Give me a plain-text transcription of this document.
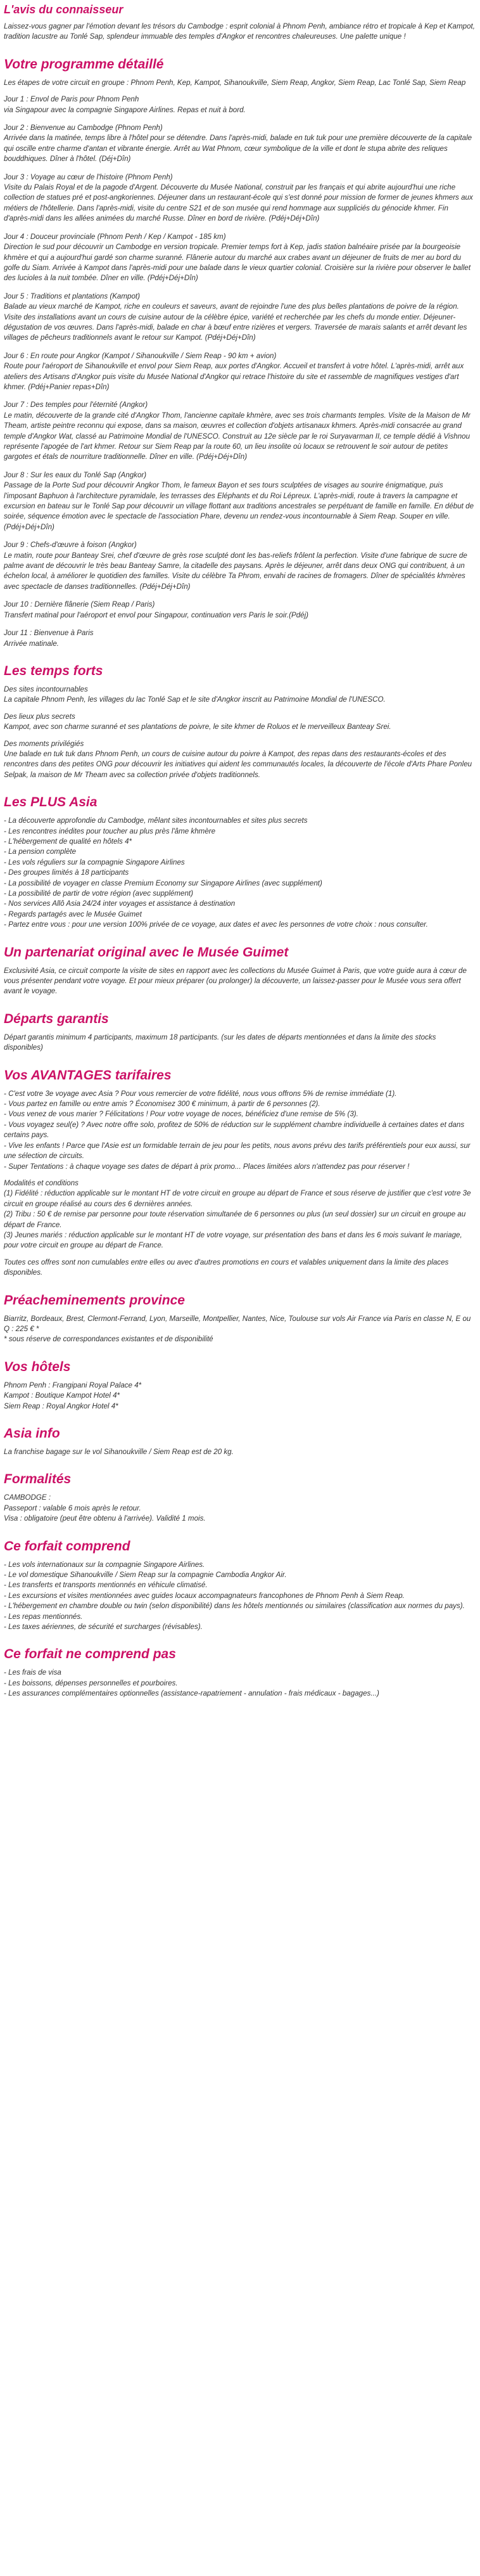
L'avis du connaisseur

Laissez-vous gagner par l'émotion devant les trésors du Cambodge : esprit colonial à Phnom Penh, ambiance rétro et tropicale à Kep et Kampot, tradition lacustre au Tonlé Sap, splendeur immuable des temples d'Angkor et rencontres chaleureuses. Une palette unique !

Votre programme détaillé

Les étapes de votre circuit en groupe : Phnom Penh, Kep, Kampot, Sihanoukville, Siem Reap, Angkor, Siem Reap, Lac Tonlé Sap, Siem Reap

Jour 1 : Envol de Paris pour Phnom Penh
via Singapour avec la compagnie Singapore Airlines. Repas et nuit à bord.
Jour 2 : Bienvenue au Cambodge (Phnom Penh)
Arrivée dans la matinée, temps libre à l'hôtel pour se détendre. Dans l'après-midi, balade en tuk tuk pour une première découverte de la capitale qui oscille entre charme d'antan et vibrante énergie. Arrêt au Wat Phnom, cœur symbolique de la ville et dont le stupa abrite des reliques bouddhiques. Dîner à l'hôtel. (Déj+Dîn)
Jour 3 : Voyage au cœur de l'histoire (Phnom Penh)
Visite du Palais Royal et de la pagode d'Argent. Découverte du Musée National, construit par les français et qui abrite aujourd'hui une riche collection de statues pré et post-angkoriennes. Déjeuner dans un restaurant-école qui s'est donné pour mission de former de jeunes khmers aux métiers de l'hôtellerie. Dans l'après-midi, visite du centre S21 et de son musée qui rend hommage aux suppliciés du génocide khmer. Fin d'après-midi dans les allées animées du marché Russe. Dîner en bord de rivière. (Pdéj+Déj+Dîn)
Jour 4 : Douceur provinciale (Phnom Penh / Kep / Kampot - 185 km)
Direction le sud pour découvrir un Cambodge en version tropicale. Premier temps fort à Kep, jadis station balnéaire prisée par la bourgeoisie khmère et qui a aujourd'hui gardé son charme suranné. Flânerie autour du marché aux crabes avant un déjeuner de fruits de mer au bord du golfe du Siam. Arrivée à Kampot dans l'après-midi pour une balade dans le vieux quartier colonial. Croisière sur la rivière pour observer le ballet des lucioles à la nuit tombée. Dîner en ville. (Pdéj+Déj+Dîn)
Jour 5 : Traditions et plantations (Kampot)
Balade au vieux marché de Kampot, riche en couleurs et saveurs, avant de rejoindre l'une des plus belles plantations de poivre de la région. Visite des installations avant un cours de cuisine autour de la célèbre épice, variété et recherchée par les chefs du monde entier. Déjeuner-dégustation de vos œuvres. Dans l'après-midi, balade en char à bœuf entre rizières et vergers. Traversée de marais salants et arrêt devant les villages de pêcheurs traditionnels avant le retour sur Kampot. (Pdéj+Déj+Dîn)
Jour 6 : En route pour Angkor (Kampot / Sihanoukville / Siem Reap - 90 km + avion)
Route pour l'aéroport de Sihanoukville et envol pour Siem Reap, aux portes d'Angkor. Accueil et transfert à votre hôtel. L'après-midi, arrêt aux ateliers des Artisans d'Angkor puis visite du Musée National d'Angkor qui retrace l'histoire du site et rassemble de magnifiques vestiges d'art khmer. (Pdéj+Panier repas+Dîn)
Jour 7 : Des temples pour l'éternité (Angkor)
Le matin, découverte de la grande cité d'Angkor Thom, l'ancienne capitale khmère, avec ses trois charmants temples. Visite de la Maison de Mr Theam, artiste peintre reconnu qui expose, dans sa maison, œuvres et collection d'objets artisanaux khmers. Après-midi consacrée au grand temple d'Angkor Wat, classé au Patrimoine Mondial de l'UNESCO. Construit au 12e siècle par le roi Suryavarman II, ce temple dédié à Vishnou représente l'apogée de l'art khmer. Retour sur Siem Reap par la route 60, un lieu insolite où locaux se retrouvent le soir autour de petites gargotes et étals de nourriture traditionnelle. Dîner en ville. (Pdéj+Déj+Dîn)
Jour 8 : Sur les eaux du Tonlé Sap (Angkor)
Passage de la Porte Sud pour découvrir Angkor Thom, le fameux Bayon et ses tours sculptées de visages au sourire énigmatique, puis l'imposant Baphuon à l'architecture pyramidale, les terrasses des Eléphants et du Roi Lépreux. L'après-midi, route à travers la campagne et excursion en bateau sur le Tonlé Sap pour découvrir un village flottant aux traditions ancestrales se perpétuant de famille en famille. En début de soirée, séquence émotion avec le spectacle de l'association Phare, devenu un rendez-vous incontournable à Siem Reap. Souper en ville. (Pdéj+Déj+Dîn)
Jour 9 : Chefs-d'œuvre à foison (Angkor)
Le matin, route pour Banteay Srei, chef d'œuvre de grès rose sculpté dont les bas-reliefs frôlent la perfection. Visite d'une fabrique de sucre de palme avant de découvrir le très beau Banteay Samre, la citadelle des paysans. Après le déjeuner, arrêt dans deux ONG qui contribuent, à un échelon local, à améliorer le quotidien des familles. Visite du célèbre Ta Phrom, envahi de racines de fromagers. Dîner de spécialités khmères avec spectacle de danses traditionnelles. (Pdéj+Déj+Dîn)
Jour 10 : Dernière flânerie (Siem Reap / Paris)
Transfert matinal pour l'aéroport et envol pour Singapour, continuation vers Paris le soir.(Pdéj)
Jour 11 : Bienvenue à Paris
Arrivée matinale.
Les temps forts
Des sites incontournables
La capitale Phnom Penh, les villages du lac Tonlé Sap et le site d'Angkor inscrit au Patrimoine Mondial de l'UNESCO.
Des lieux plus secrets
Kampot, avec son charme suranné et ses plantations de poivre, le site khmer de Roluos et le merveilleux Banteay Srei.
Des moments privilégiés
Une balade en tuk tuk dans Phnom Penh, un cours de cuisine autour du poivre à Kampot, des repas dans des restaurants-écoles et des rencontres dans des petites ONG pour découvrir les initiatives qui aident les communautés locales, la découverte de l'école d'Arts Phare Ponleu Selpak, la maison de Mr Theam avec sa collection privée d'objets traditionnels.
Les PLUS Asia
- La découverte approfondie du Cambodge, mêlant sites incontournables et sites plus secrets
- Les rencontres inédites pour toucher au plus près l'âme khmère
- L'hébergement de qualité en hôtels 4*
- La pension complète
- Les vols réguliers sur la compagnie Singapore Airlines
- Des groupes limités à 18 participants
- La possibilité de voyager en classe Premium Economy sur Singapore Airlines (avec supplément)
- La possibilité de partir de votre région (avec supplément)
- Nos services Allô Asia 24/24 inter voyages et assistance à destination
- Regards partagés avec le Musée Guimet
- Partez entre vous : pour une version 100% privée de ce voyage, aux dates et avec les personnes de votre choix : nous consulter.
Un partenariat original avec le Musée Guimet

Exclusivité Asia, ce circuit comporte la visite de sites en rapport avec les collections du Musée Guimet à Paris, que votre guide aura à cœur de vous présenter pendant votre voyage. Et pour mieux préparer (ou prolonger) la découverte, un laissez-passer pour le Musée vous sera offert avant le voyage.

Départs garantis

Départ garantis minimum 4 participants, maximum 18 participants. (sur les dates de départs mentionnées et dans la limite des stocks disponibles)

Vos AVANTAGES tarifaires
- C'est votre 3e voyage avec Asia ? Pour vous remercier de votre fidélité, nous vous offrons 5% de remise immédiate (1).
- Vous partez en famille ou entre amis ? Économisez 300 € minimum, à partir de 6 personnes (2).
- Vous venez de vous marier ? Félicitations ! Pour votre voyage de noces, bénéficiez d'une remise de 5% (3).
- Vous voyagez seul(e) ? Avec notre offre solo, profitez de 50% de réduction sur le supplément chambre individuelle à certaines dates et dans certains pays.
- Vive les enfants ! Parce que l'Asie est un formidable terrain de jeu pour les petits, nous avons prévu des tarifs préférentiels pour eux aussi, sur une sélection de circuits.
- Super Tentations : à chaque voyage ses dates de départ à prix promo... Places limitées alors n'attendez pas pour réserver !
Modalités et conditions
(1) Fidélité : réduction applicable sur le montant HT de votre circuit en groupe au départ de France et sous réserve de justifier que c'est votre 3e circuit en groupe réalisé au cours des 6 dernières années.
(2) Tribu : 50 € de remise par personne pour toute réservation simultanée de 6 personnes ou plus (un seul dossier) sur un circuit en groupe au départ de France.
(3) Jeunes mariés : réduction applicable sur le montant HT de votre voyage, sur présentation des bans et dans les 6 mois suivant le mariage, pour votre circuit en groupe au départ de France.

Toutes ces offres sont non cumulables entre elles ou avec d'autres promotions en cours et valables uniquement dans la limite des places disponibles.

Préacheminements province

Biarritz, Bordeaux, Brest, Clermont-Ferrand, Lyon, Marseille, Montpellier, Nantes, Nice, Toulouse sur vols Air France via Paris en classe N, E ou Q : 225 € *

* sous réserve de correspondances existantes et de disponibilité

Vos hôtels
Phnom Penh : Frangipani Royal Palace 4*
Kampot : Boutique Kampot Hotel 4*
Siem Reap : Royal Angkor Hotel 4*
Asia info

La franchise bagage sur le vol Sihanoukville / Siem Reap est de 20 kg.

Formalités
CAMBODGE :
Passeport : valable 6 mois après le retour.
Visa : obligatoire (peut être obtenu à l'arrivée). Validité 1 mois.
Ce forfait comprend
- Les vols internationaux sur la compagnie Singapore Airlines.
- Le vol domestique Sihanoukville / Siem Reap sur la compagnie Cambodia Angkor Air.
- Les transferts et transports mentionnés en véhicule climatisé.
- Les excursions et visites mentionnées avec guides locaux accompagnateurs francophones de Phnom Penh à Siem Reap.
- L'hébergement en chambre double ou twin (selon disponibilité) dans les hôtels mentionnés ou similaires (classification aux normes du pays).
- Les repas mentionnés.
- Les taxes aériennes, de sécurité et surcharges (révisables).
Ce forfait ne comprend pas
- Les frais de visa
- Les boissons, dépenses personnelles et pourboires.
- Les assurances complémentaires optionnelles (assistance-rapatriement - annulation - frais médicaux - bagages...)
